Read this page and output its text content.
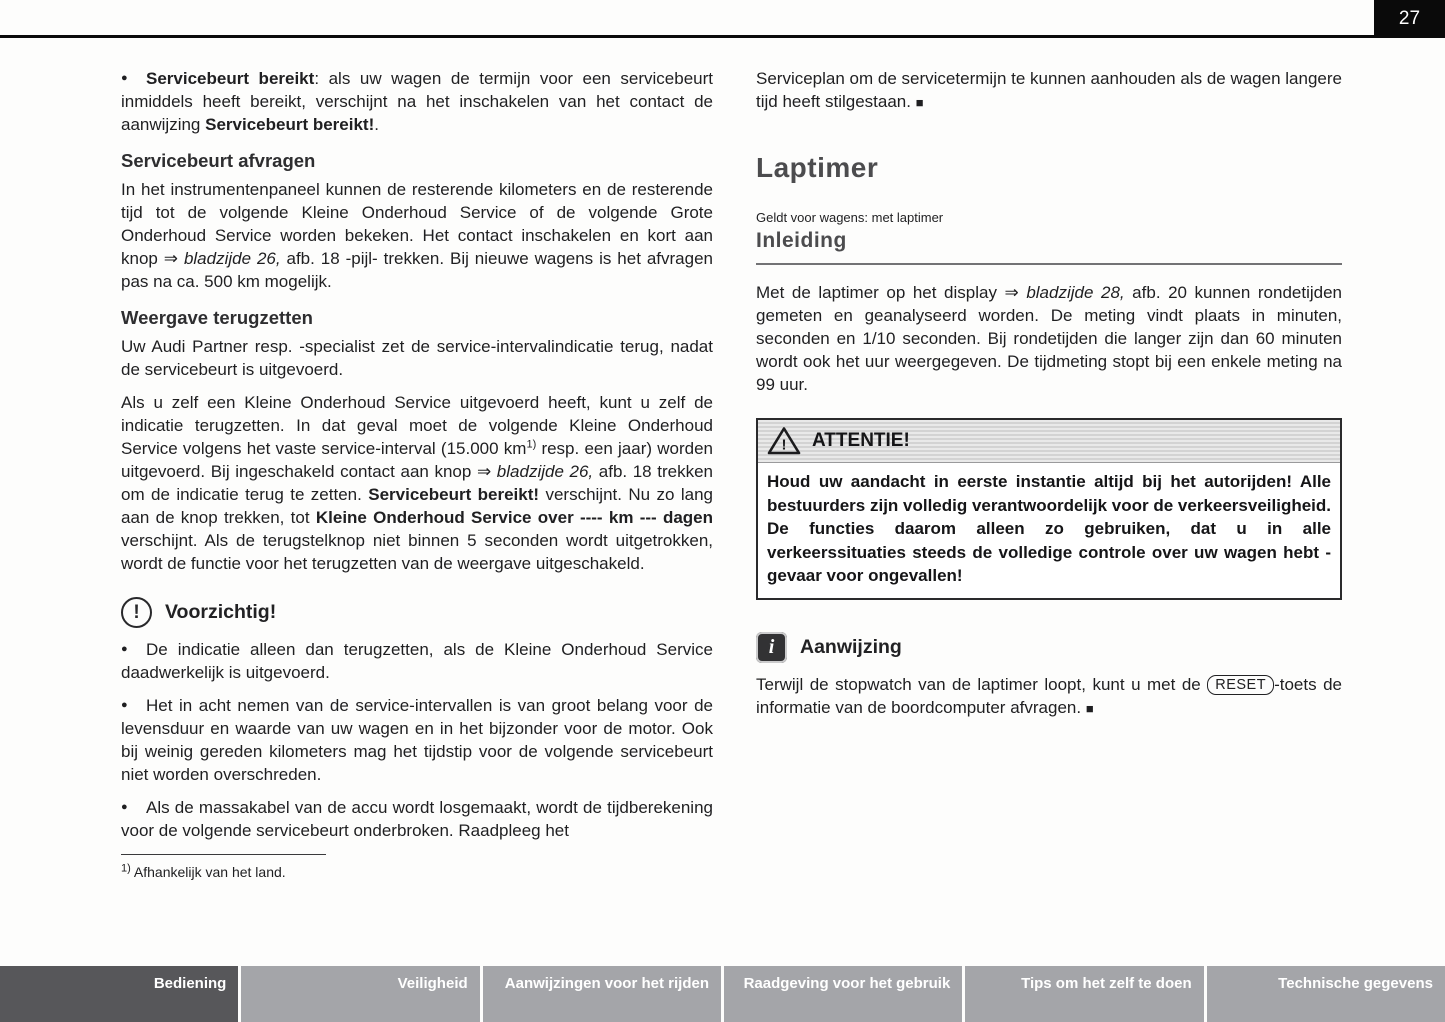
27

● Servicebeurt bereikt: als uw wagen de termijn voor een servicebeurt inmiddels heeft bereikt, verschijnt na het inschakelen van het contact de aanwijzing Servicebeurt bereikt!.

Servicebeurt afvragen

In het instrumentenpaneel kunnen de resterende kilometers en de resterende tijd tot de volgende Kleine Onderhoud Service of de volgende Grote Onderhoud Service worden bekeken. Het contact inschakelen en kort aan knop ⇒ bladzijde 26, afb. 18 -pijl- trekken. Bij nieuwe wagens is het afvragen pas na ca. 500 km mogelijk.

Weergave terugzetten

Uw Audi Partner resp. -specialist zet de service-intervalindicatie terug, nadat de servicebeurt is uitgevoerd.

Als u zelf een Kleine Onderhoud Service uitgevoerd heeft, kunt u zelf de indicatie terugzetten. In dat geval moet de volgende Kleine Onderhoud Service volgens het vaste service-interval (15.000 $km^{1)}$ resp. een jaar) worden uitgevoerd. Bij ingeschakeld contact aan knop ⇒ bladzijde 26, afb. 18 trekken om de indicatie terug te zetten. Servicebeurt bereikt! verschijnt. Nu zo lang aan de knop trekken, tot Kleine Onderhoud Service over ---- km --- dagen verschijnt. Als de terugstelknop niet binnen 5 seconden wordt uitgetrokken, wordt de functie voor het terugzetten van de weergave uitgeschakeld.

! Voorzichtig!

● De indicatie alleen dan terugzetten, als de Kleine Onderhoud Service daadwerkelijk is uitgevoerd.

● Het in acht nemen van de service-intervallen is van groot belang voor de levensduur en waarde van uw wagen en in het bijzonder voor de motor. Ook bij weinig gereden kilometers mag het tijdstip voor de volgende servicebeurt niet worden overschreden.

● Als de massakabel van de accu wordt losgemaakt, wordt de tijdberekening voor de volgende servicebeurt onderbroken. Raadpleeg het

$^{1)}$ Afhankelijk van het land.

Serviceplan om de servicetermijn te kunnen aanhouden als de wagen langere tijd heeft stilgestaan. ■

Laptimer

Geldt voor wagens: met laptimer

Inleiding

Met de laptimer op het display ⇒ bladzijde 28, afb. 20 kunnen rondetijden gemeten en geanalyseerd worden. De meting vindt plaats in minuten, seconden en 1/10 seconden. Bij rondetijden die langer zijn dan 60 minuten wordt ook het uur weergegeven. De tijdmeting stopt bij een enkele meting na 99 uur.

! ATTENTIE!
Houd uw aandacht in eerste instantie altijd bij het autorijden! Alle bestuurders zijn volledig verantwoordelijk voor de verkeersveiligheid. De functies daarom alleen zo gebruiken, dat u in alle verkeerssituaties steeds de volledige controle over uw wagen hebt - gevaar voor ongevallen!
i	Aanwijzing

Terwijl de stopwatch van de laptimer loopt, kunt u met de RESET -toets de informatie van de boordcomputer afvragen. ■

Bediening	Veiligheid	Aanwijzingen voor het rijden	Raadgeving voor het gebruik	Tips om het zelf te doen	Technische gegevens
